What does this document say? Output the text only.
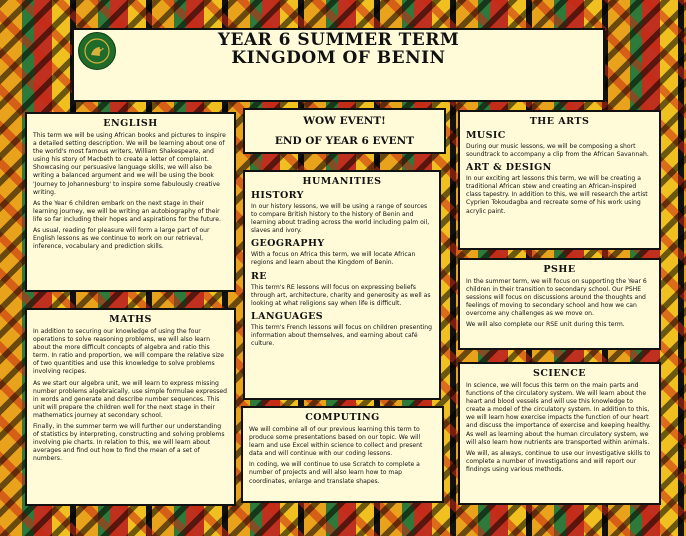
YEAR 6 SUMMER TERM

KINGDOM OF BENIN

ENGLISH

This term we will be using African books and pictures to inspire a detailed setting description. We will be learning about one of the world's most famous writers, William Shakespeare, and using his story of Macbeth to create a letter of complaint. Showcasing our persuasive language skills, we will also be writing a balanced argument and we will be using the book 'Journey to Johannesburg' to inspire some fabulously creative writing.

As the Year 6 children embark on the next stage in their learning journey, we will be writing an autobiography of their life so far including their hopes and aspirations for the future.

As usual, reading for pleasure will form a large part of our English lessons as we continue to work on our retrieval, inference, vocabulary and prediction skills.

MATHS

In addition to securing our knowledge of using the four operations to solve reasoning problems, we will also learn about the more difficult concepts of algebra and ratio this term. In ratio and proportion, we will compare the relative size of two quantities and use this knowledge to solve problems involving recipes.

As we start our algebra unit, we will learn to express missing number problems algebraically, use simple formulae expressed in words and generate and describe number sequences. This unit will prepare the children well for the next stage in their mathematics journey at secondary school.

Finally, in the summer term we will further our understanding of statistics by interpreting, constructing and solving problems involving pie charts. In relation to this, we will learn about averages and find out how to find the mean of a set of numbers.

WOW EVENT!
END OF YEAR 6 EVENT
HUMANITIES
HISTORY

In our history lessons, we will be using a range of sources to compare British history to the history of Benin and learning about trading across the world including palm oil, slaves and ivory.

GEOGRAPHY

With a focus on Africa this term, we will locate African regions and learn about the Kingdom of Benin.

RE

This term's RE lessons will focus on expressing beliefs through art, architecture, charity and generosity as well as looking at what religions say when life is difficult.

LANGUAGES

This term's French lessons will focus on children presenting information about themselves, and earning about café culture.

COMPUTING

We will combine all of our previous learning this term to produce some presentations based on our topic. We will learn and use Excel within science to collect and present data and will continue with our coding lessons.

In coding, we will continue to use Scratch to complete a number of projects and will also learn how to map coordinates, enlarge and translate shapes.

THE ARTS
MUSIC

During our music lessons, we will be composing a short soundtrack to accompany a clip from the African Savannah.

ART & DESIGN

In our exciting art lessons this term, we will be creating a traditional African stew and creating an African-inspired class tapestry. In addition to this, we will research the artist Cyprien Tokoudagba and recreate some of his work using acrylic paint.

PSHE

In the summer term, we will focus on supporting the Year 6 children in their transition to secondary school. Our PSHE sessions will focus on discussions around the thoughts and feelings of moving to secondary school and how we can overcome any challenges as we move on.

We will also complete our RSE unit during this term.

SCIENCE

In science, we will focus this term on the main parts and functions of the circulatory system. We will learn about the heart and blood vessels and will use this knowledge to create a model of the circulatory system. In addition to this, we will learn how exercise impacts the function of our heart and discuss the importance of exercise and keeping healthy. As well as learning about the human circulatory system, we will also learn how nutrients are transported within animals.

We will, as always, continue to use our investigative skills to complete a number of investigations and will report our findings using various methods.
